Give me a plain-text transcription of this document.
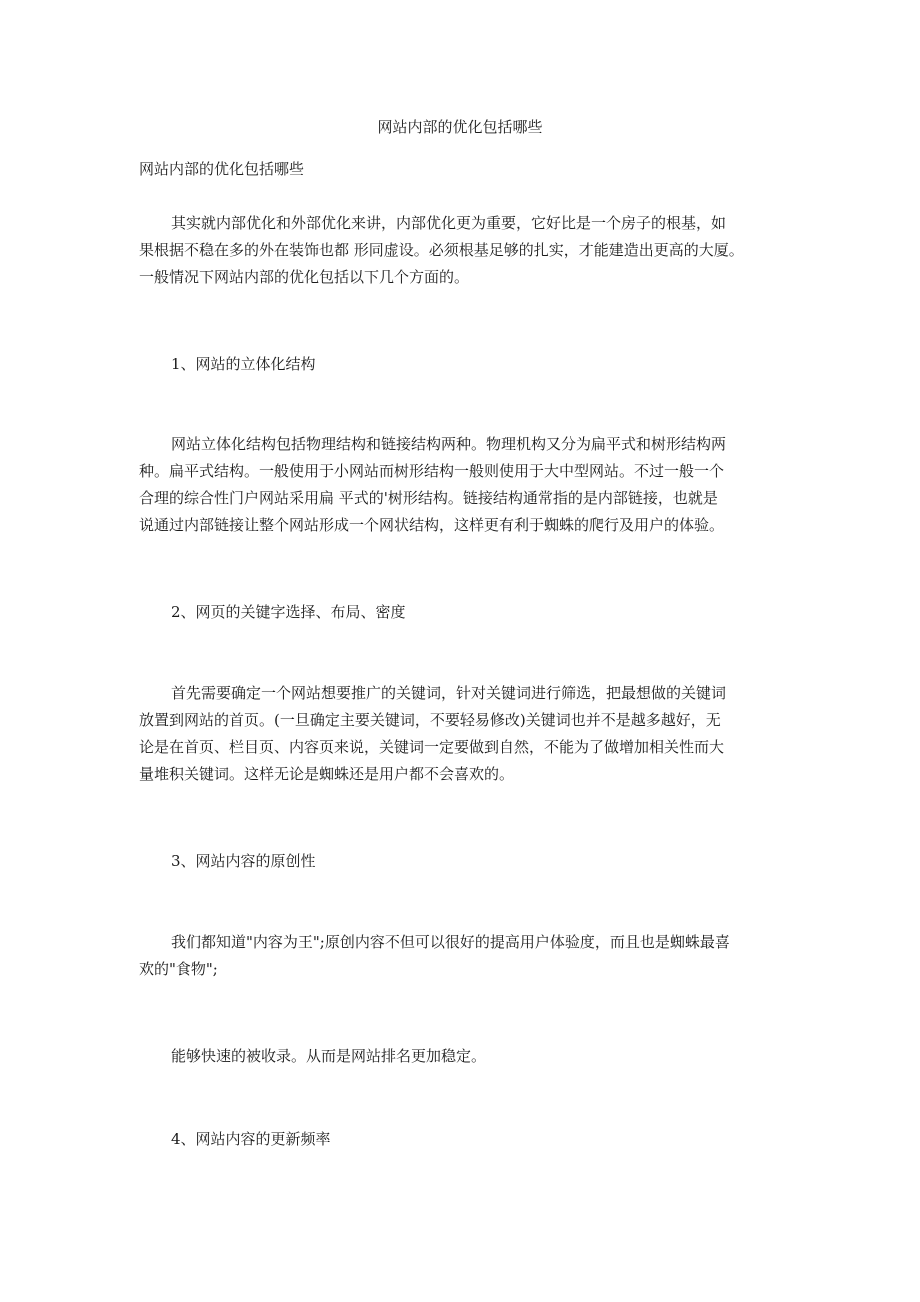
网站内部的优化包括哪些

网站内部的优化包括哪些

其实就内部优化和外部优化来讲，内部优化更为重要，它好比是一个房子的根基，如
果根据不稳在多的外在装饰也都 形同虚设。必须根基足够的扎实，才能建造出更高的大厦。
一般情况下网站内部的优化包括以下几个方面的。

1、网站的立体化结构

网站立体化结构包括物理结构和链接结构两种。物理机构又分为扁平式和树形结构两
种。扁平式结构。一般使用于小网站而树形结构一般则使用于大中型网站。不过一般一个
合理的综合性门户网站采用扁 平式的'树形结构。链接结构通常指的是内部链接，也就是
说通过内部链接让整个网站形成一个网状结构，这样更有利于蜘蛛的爬行及用户的体验。

2、网页的关键字选择、布局、密度

首先需要确定一个网站想要推广的关键词，针对关键词进行筛选，把最想做的关键词
放置到网站的首页。(一旦确定主要关键词，不要轻易修改)关键词也并不是越多越好，无
论是在首页、栏目页、内容页来说，关键词一定要做到自然，不能为了做增加相关性而大
量堆积关键词。这样无论是蜘蛛还是用户都不会喜欢的。

3、网站内容的原创性

我们都知道"内容为王";原创内容不但可以很好的提高用户体验度，而且也是蜘蛛最喜
欢的"食物";

能够快速的被收录。从而是网站排名更加稳定。

4、网站内容的更新频率
